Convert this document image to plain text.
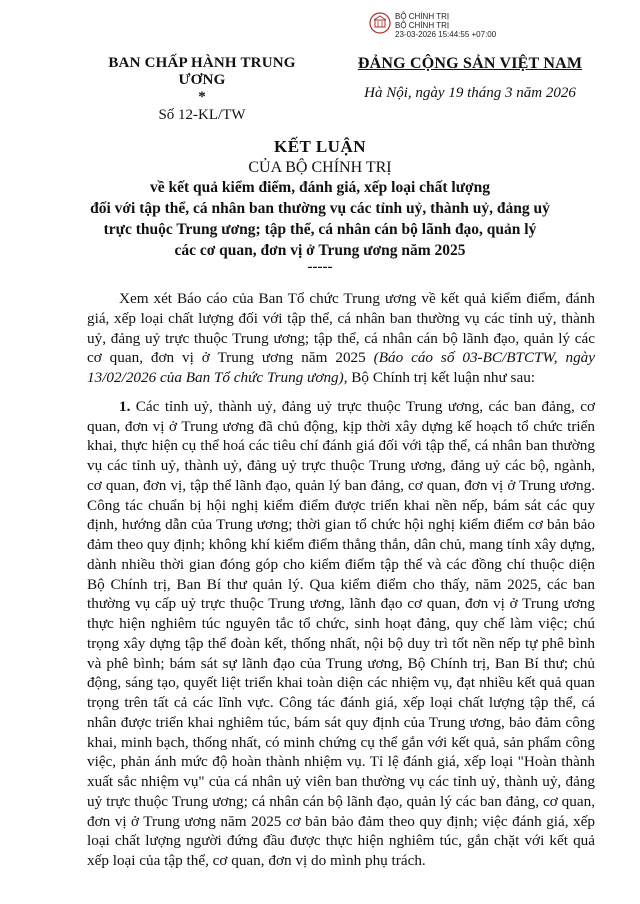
BỘ CHÍNH TRỊ
BỘ CHÍNH TRỊ
23-03-2026 15:44:55 +07:00
BAN CHẤP HÀNH TRUNG ƯƠNG
*
Số 12-KL/TW
ĐẢNG CỘNG SẢN VIỆT NAM
Hà Nội, ngày 19 tháng 3 năm 2026
KẾT LUẬN
CỦA BỘ CHÍNH TRỊ
về kết quả kiểm điểm, đánh giá, xếp loại chất lượng
đối với tập thể, cá nhân ban thường vụ các tỉnh uỷ, thành uỷ, đảng uỷ
trực thuộc Trung ương; tập thể, cá nhân cán bộ lãnh đạo, quản lý
các cơ quan, đơn vị ở Trung ương năm 2025
-----

Xem xét Báo cáo của Ban Tổ chức Trung ương về kết quả kiểm điểm, đánh giá, xếp loại chất lượng đối với tập thể, cá nhân ban thường vụ các tỉnh uỷ, thành uỷ, đảng uỷ trực thuộc Trung ương; tập thể, cá nhân cán bộ lãnh đạo, quản lý các cơ quan, đơn vị ở Trung ương năm 2025 (Báo cáo số 03-BC/BTCTW, ngày 13/02/2026 của Ban Tổ chức Trung ương), Bộ Chính trị kết luận như sau:

1. Các tỉnh uỷ, thành uỷ, đảng uỷ trực thuộc Trung ương, các ban đảng, cơ quan, đơn vị ở Trung ương đã chủ động, kịp thời xây dựng kế hoạch tổ chức triển khai, thực hiện cụ thể hoá các tiêu chí đánh giá đối với tập thể, cá nhân ban thường vụ các tỉnh uỷ, thành uỷ, đảng uỷ trực thuộc Trung ương, đảng uỷ các bộ, ngành, cơ quan, đơn vị, tập thể lãnh đạo, quản lý ban đảng, cơ quan, đơn vị ở Trung ương. Công tác chuẩn bị hội nghị kiểm điểm được triển khai nền nếp, bám sát các quy định, hướng dẫn của Trung ương; thời gian tổ chức hội nghị kiểm điểm cơ bản bảo đảm theo quy định; không khí kiểm điểm thẳng thắn, dân chủ, mang tính xây dựng, dành nhiều thời gian đóng góp cho kiểm điểm tập thể và các đồng chí thuộc diện Bộ Chính trị, Ban Bí thư quản lý. Qua kiểm điểm cho thấy, năm 2025, các ban thường vụ cấp uỷ trực thuộc Trung ương, lãnh đạo cơ quan, đơn vị ở Trung ương thực hiện nghiêm túc nguyên tắc tổ chức, sinh hoạt đảng, quy chế làm việc; chú trọng xây dựng tập thể đoàn kết, thống nhất, nội bộ duy trì tốt nền nếp tự phê bình và phê bình; bám sát sự lãnh đạo của Trung ương, Bộ Chính trị, Ban Bí thư; chủ động, sáng tạo, quyết liệt triển khai toàn diện các nhiệm vụ, đạt nhiều kết quả quan trọng trên tất cả các lĩnh vực. Công tác đánh giá, xếp loại chất lượng tập thể, cá nhân được triển khai nghiêm túc, bám sát quy định của Trung ương, bảo đảm công khai, minh bạch, thống nhất, có minh chứng cụ thể gắn với kết quả, sản phẩm công việc, phản ánh mức độ hoàn thành nhiệm vụ. Tỉ lệ đánh giá, xếp loại "Hoàn thành xuất sắc nhiệm vụ" của cá nhân uỷ viên ban thường vụ các tỉnh uỷ, thành uỷ, đảng uỷ trực thuộc Trung ương; cá nhân cán bộ lãnh đạo, quản lý các ban đảng, cơ quan, đơn vị ở Trung ương năm 2025 cơ bản bảo đảm theo quy định; việc đánh giá, xếp loại chất lượng người đứng đầu được thực hiện nghiêm túc, gắn chặt với kết quả xếp loại của tập thể, cơ quan, đơn vị do mình phụ trách.
